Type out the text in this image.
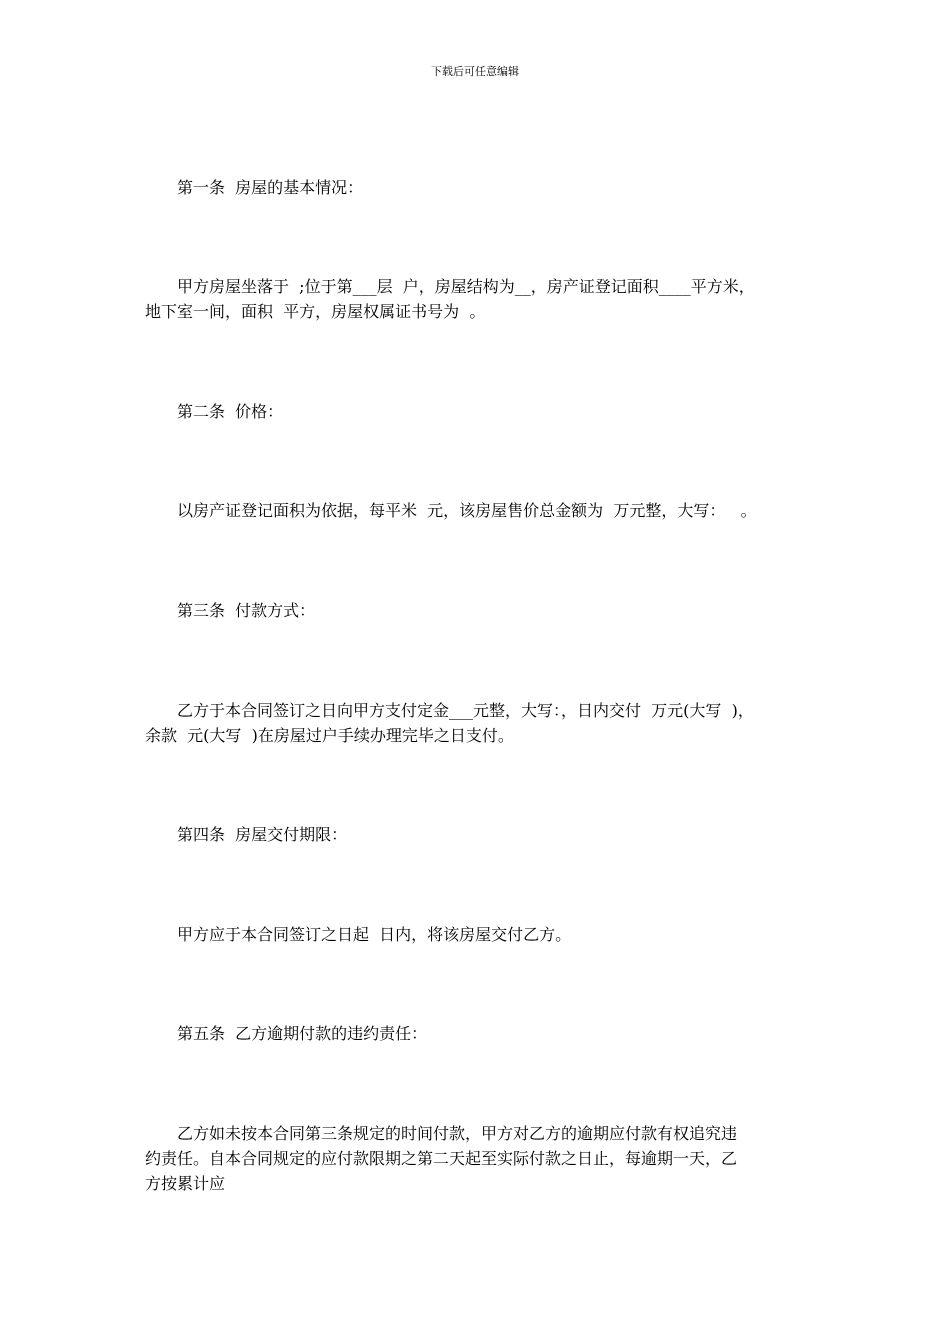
下载后可任意编辑
　　第一条  房屋的基本情况：
　　甲方房屋坐落于  ;位于第___层  户，房屋结构为__，房产证登记面积____平方米，
地下室一间，面积  平方，房屋权属证书号为  。
　　第二条  价格：
　　以房产证登记面积为依据，每平米  元，该房屋售价总金额为  万元整，大写：   。
　　第三条  付款方式：
　　乙方于本合同签订之日向甲方支付定金___元整，大写：，日内交付  万元(大写  )，
余款  元(大写  )在房屋过户手续办理完毕之日支付。
　　第四条  房屋交付期限：
　　甲方应于本合同签订之日起  日内，将该房屋交付乙方。
　　第五条  乙方逾期付款的违约责任：
　　乙方如未按本合同第三条规定的时间付款，甲方对乙方的逾期应付款有权追究违
约责任。自本合同规定的应付款限期之第二天起至实际付款之日止，每逾期一天，乙
方按累计应
